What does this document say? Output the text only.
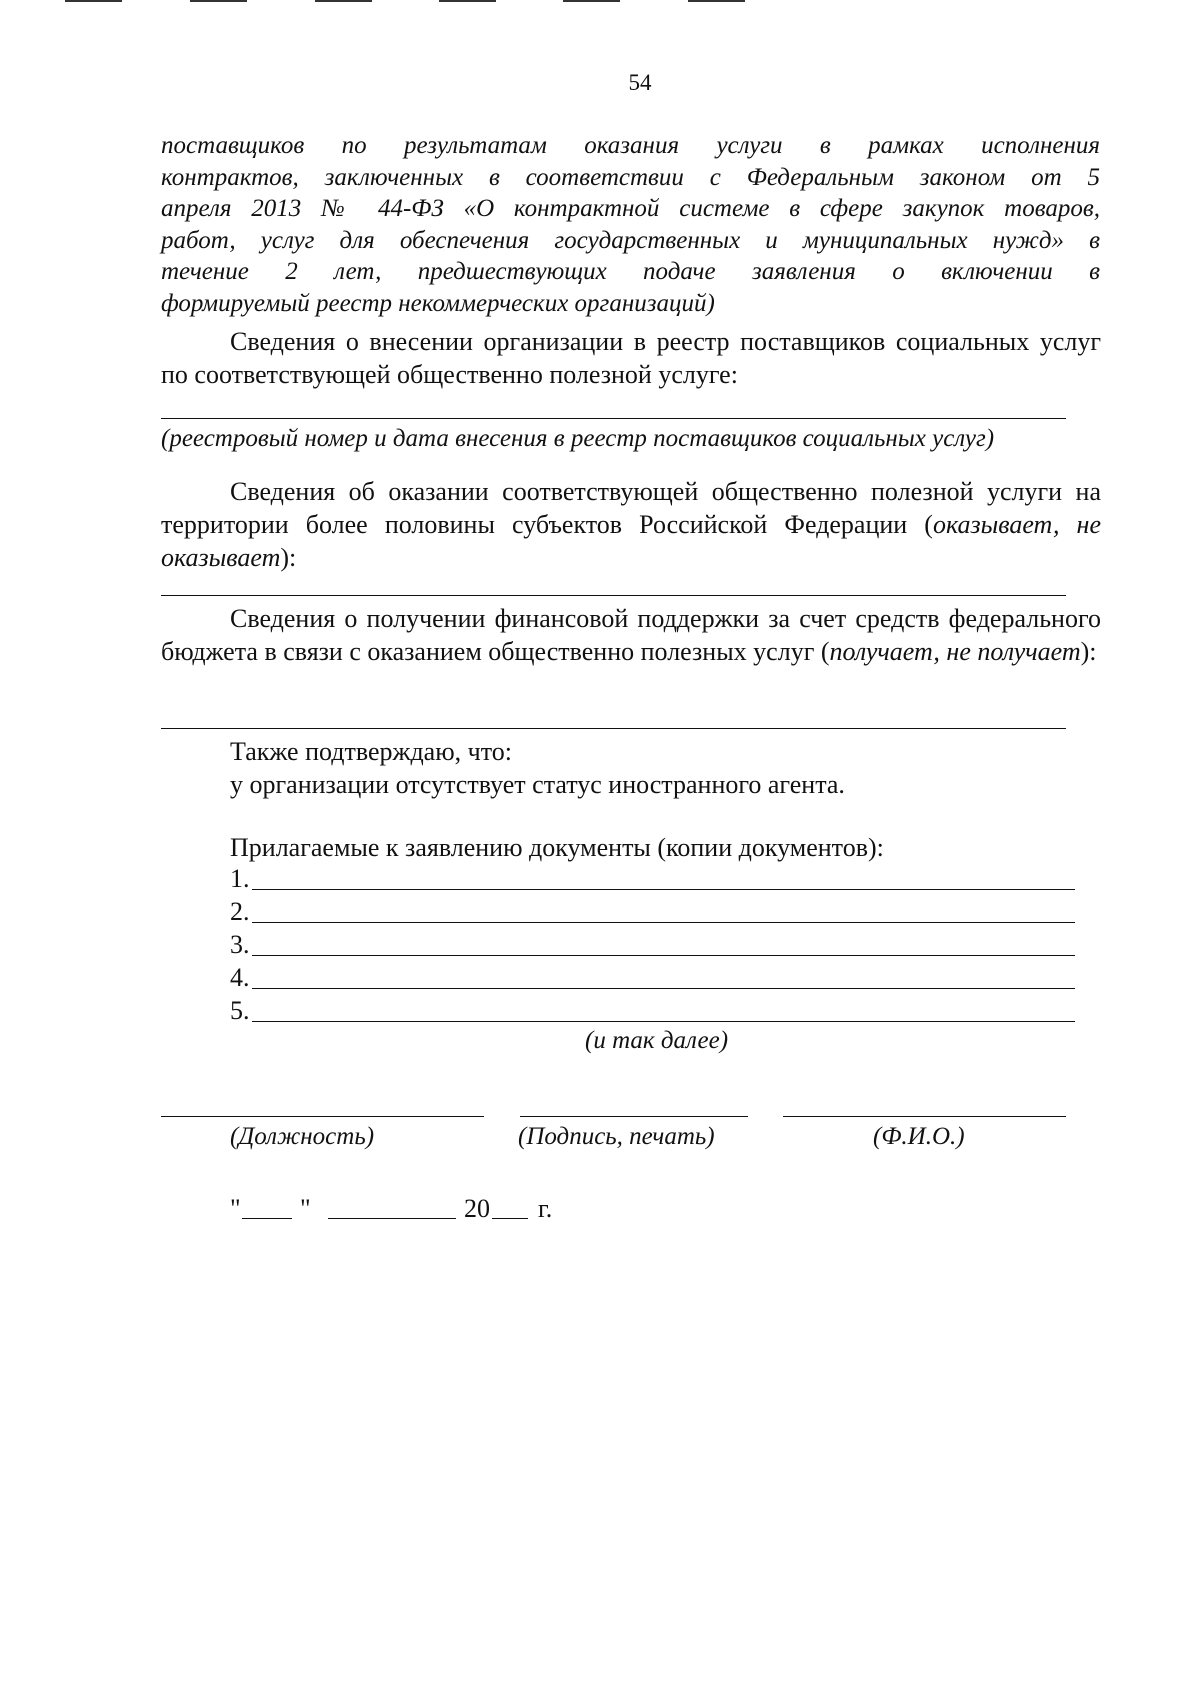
54
поставщиков по результатам оказания услуги в рамках исполнения
контрактов, заключенных в соответствии с Федеральным законом от 5
апреля 2013 № 44-ФЗ «О контрактной системе в сфере закупок товаров,
работ, услуг для обеспечения государственных и муниципальных нужд» в
течение 2 лет, предшествующих подаче заявления о включении в
формируемый реестр некоммерческих организаций)
Сведения о внесении организации в реестр поставщиков социальных услуг по соответствующей общественно полезной услуге:
(реестровый номер и дата внесения в реестр поставщиков социальных услуг)
Сведения об оказании соответствующей общественно полезной услуги на территории более половины субъектов Российской Федерации (оказывает, не оказывает):
Сведения о получении финансовой поддержки за счет средств федерального бюджета в связи с оказанием общественно полезных услуг (получает, не получает):
Также подтверждаю, что:
у организации отсутствует статус иностранного агента.
Прилагаемые к заявлению документы (копии документов):
1.
2.
3.
4.
5.
(и так далее)
(Должность)	(Подпись, печать)	(Ф.И.О.)
" "	20 г.
